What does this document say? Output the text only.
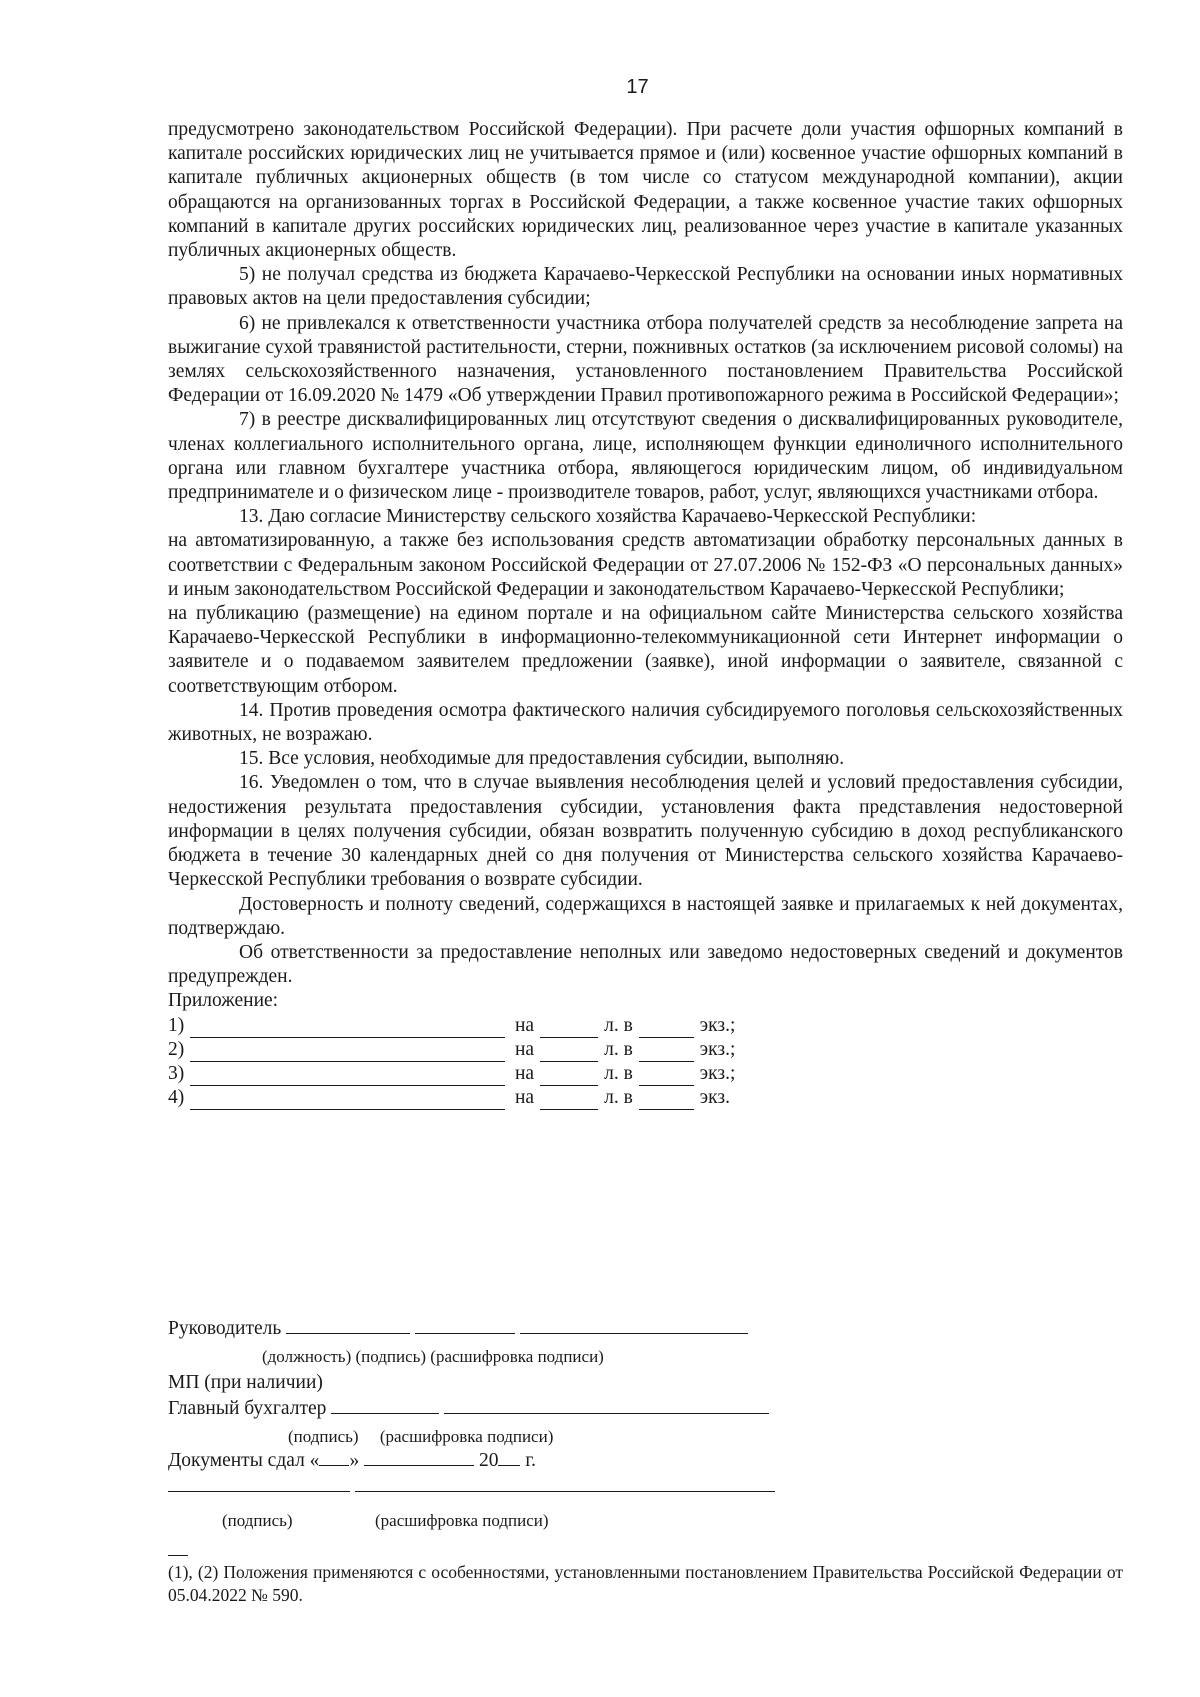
17

предусмотрено законодательством Российской Федерации). При расчете доли участия офшорных компаний в капитале российских юридических лиц не учитывается прямое и (или) косвенное участие офшорных компаний в капитале публичных акционерных обществ (в том числе со статусом международной компании), акции обращаются на организованных торгах в Российской Федерации, а также косвенное участие таких офшорных компаний в капитале других российских юридических лиц, реализованное через участие в капитале указанных публичных акционерных обществ.

5) не получал средства из бюджета Карачаево-Черкесской Республики на основании иных нормативных правовых актов на цели предоставления субсидии;

6) не привлекался к ответственности участника отбора получателей средств за несоблюдение запрета на выжигание сухой травянистой растительности, стерни, пожнивных остатков (за исключением рисовой соломы) на землях сельскохозяйственного назначения, установленного постановлением Правительства Российской Федерации от 16.09.2020 № 1479 «Об утверждении Правил противопожарного режима в Российской Федерации»;

7) в реестре дисквалифицированных лиц отсутствуют сведения о дисквалифицированных руководителе, членах коллегиального исполнительного органа, лице, исполняющем функции единоличного исполнительного органа или главном бухгалтере участника отбора, являющегося юридическим лицом, об индивидуальном предпринимателе и о физическом лице - производителе товаров, работ, услуг, являющихся участниками отбора.

13. Даю согласие Министерству сельского хозяйства Карачаево-Черкесской Республики:

на автоматизированную, а также без использования средств автоматизации обработку персональных данных в соответствии с Федеральным законом Российской Федерации от 27.07.2006 № 152-ФЗ «О персональных данных» и иным законодательством Российской Федерации и законодательством Карачаево-Черкесской Республики;

на публикацию (размещение) на едином портале и на официальном сайте Министерства сельского хозяйства Карачаево-Черкесской Республики в информационно-телекоммуникационной сети Интернет информации о заявителе и о подаваемом заявителем предложении (заявке), иной информации о заявителе, связанной с соответствующим отбором.

14. Против проведения осмотра фактического наличия субсидируемого поголовья сельскохозяйственных животных, не возражаю.

15. Все условия, необходимые для предоставления субсидии, выполняю.

16. Уведомлен о том, что в случае выявления несоблюдения целей и условий предоставления субсидии, недостижения результата предоставления субсидии, установления факта представления недостоверной информации в целях получения субсидии, обязан возвратить полученную субсидию в доход республиканского бюджета в течение 30 календарных дней со дня получения от Министерства сельского хозяйства Карачаево-Черкесской Республики требования о возврате субсидии.

Достоверность и полноту сведений, содержащихся в настоящей заявке и прилагаемых к ней документах, подтверждаю.

Об ответственности за предоставление неполных или заведомо недостоверных сведений и документов предупрежден.

Приложение:
1)	на	л. в	экз.;
2)	на	л. в	экз.;
3)	на	л. в	экз.;
4)	на	л. в	экз.
Руководитель
(должность) (подпись) (расшифровка подписи)
МП (при наличии)
Главный бухгалтер
(подпись)     (расшифровка подписи)
Документы сдал « »	20 г.

(подпись)	(расшифровка подписи)
(1), (2) Положения применяются с особенностями, установленными постановлением Правительства Российской Федерации от 05.04.2022 № 590.
